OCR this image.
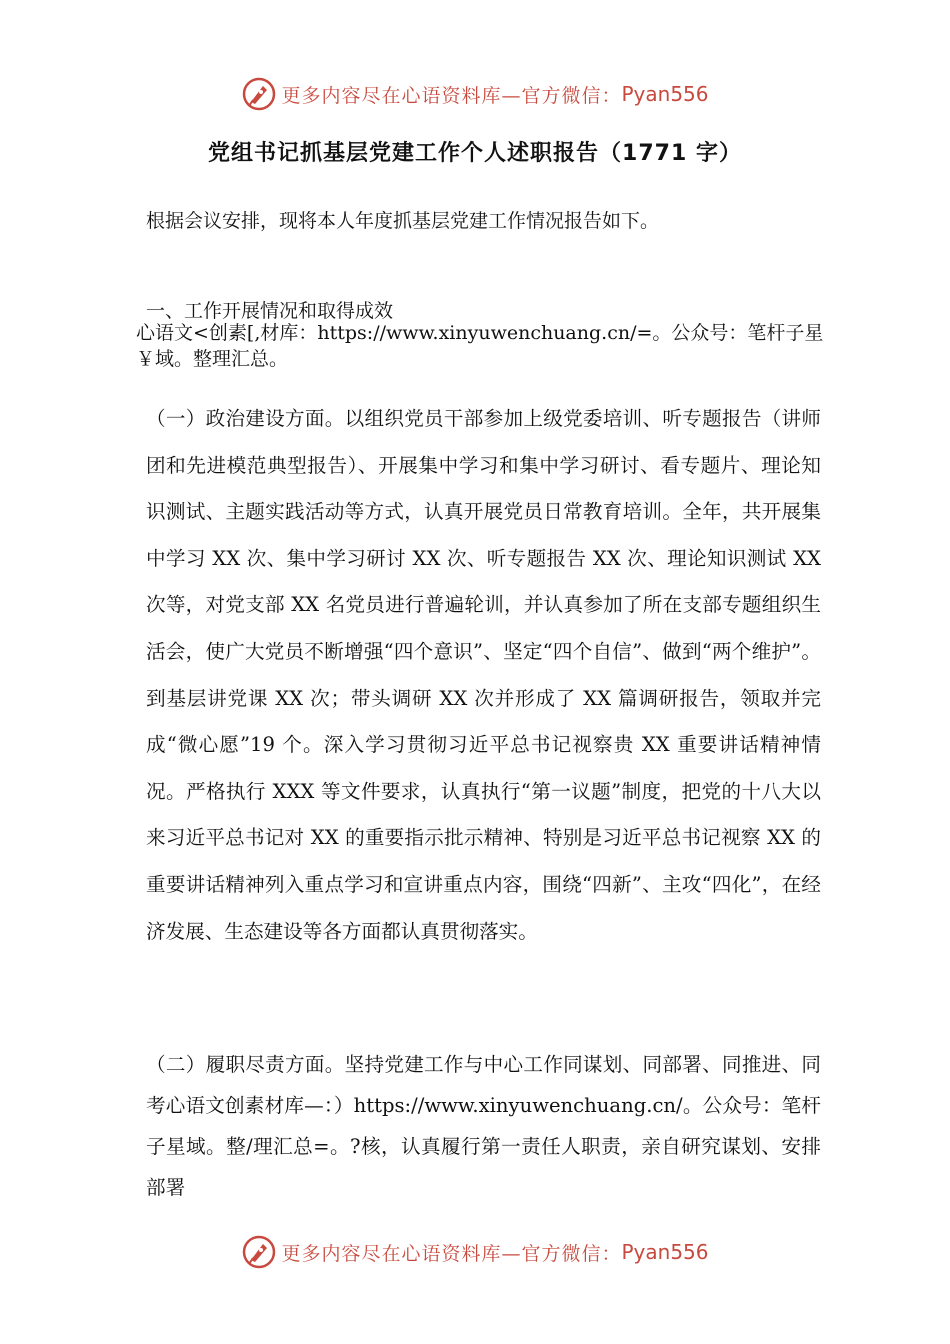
更多内容尽在心语资料库—官方微信： Pyan556
党组书记抓基层党建工作个人述职报告（1771 字）
根据会议安排，现将本人年度抓基层党建工作情况报告如下。
一、工作开展情况和取得成效
心语文<创素[,材库：https://www.xinyuwenchuang.cn/=。公众号：笔杆子星￥域。整理汇总。
（一）政治建设方面。以组织党员干部参加上级党委培训、听专题报告（讲师团和先进模范典型报告）、开展集中学习和集中学习研讨、看专题片、理论知识测试、主题实践活动等方式，认真开展党员日常教育培训。全年，共开展集中学习 XX 次、集中学习研讨 XX 次、听专题报告 XX 次、理论知识测试 XX 次等，对党支部 XX 名党员进行普遍轮训，并认真参加了所在支部专题组织生活会，使广大党员不断增强“四个意识”、坚定“四个自信”、做到“两个维护”。到基层讲党课 XX 次；带头调研 XX 次并形成了 XX 篇调研报告，领取并完成“微心愿”19 个。深入学习贯彻习近平总书记视察贵 XX 重要讲话精神情况。严格执行 XXX 等文件要求，认真执行“第一议题”制度，把党的十八大以来习近平总书记对 XX 的重要指示批示精神、特别是习近平总书记视察 XX 的重要讲话精神列入重点学习和宣讲重点内容，围绕“四新”、主攻“四化”，在经济发展、生态建设等各方面都认真贯彻落实。
（二）履职尽责方面。坚持党建工作与中心工作同谋划、同部署、同推进、同考心语文创素材库—：）https://www.xinyuwenchuang.cn/。公众号：笔杆子星域。整/理汇总=。?核，认真履行第一责任人职责，亲自研究谋划、安排部署
更多内容尽在心语资料库—官方微信： Pyan556
